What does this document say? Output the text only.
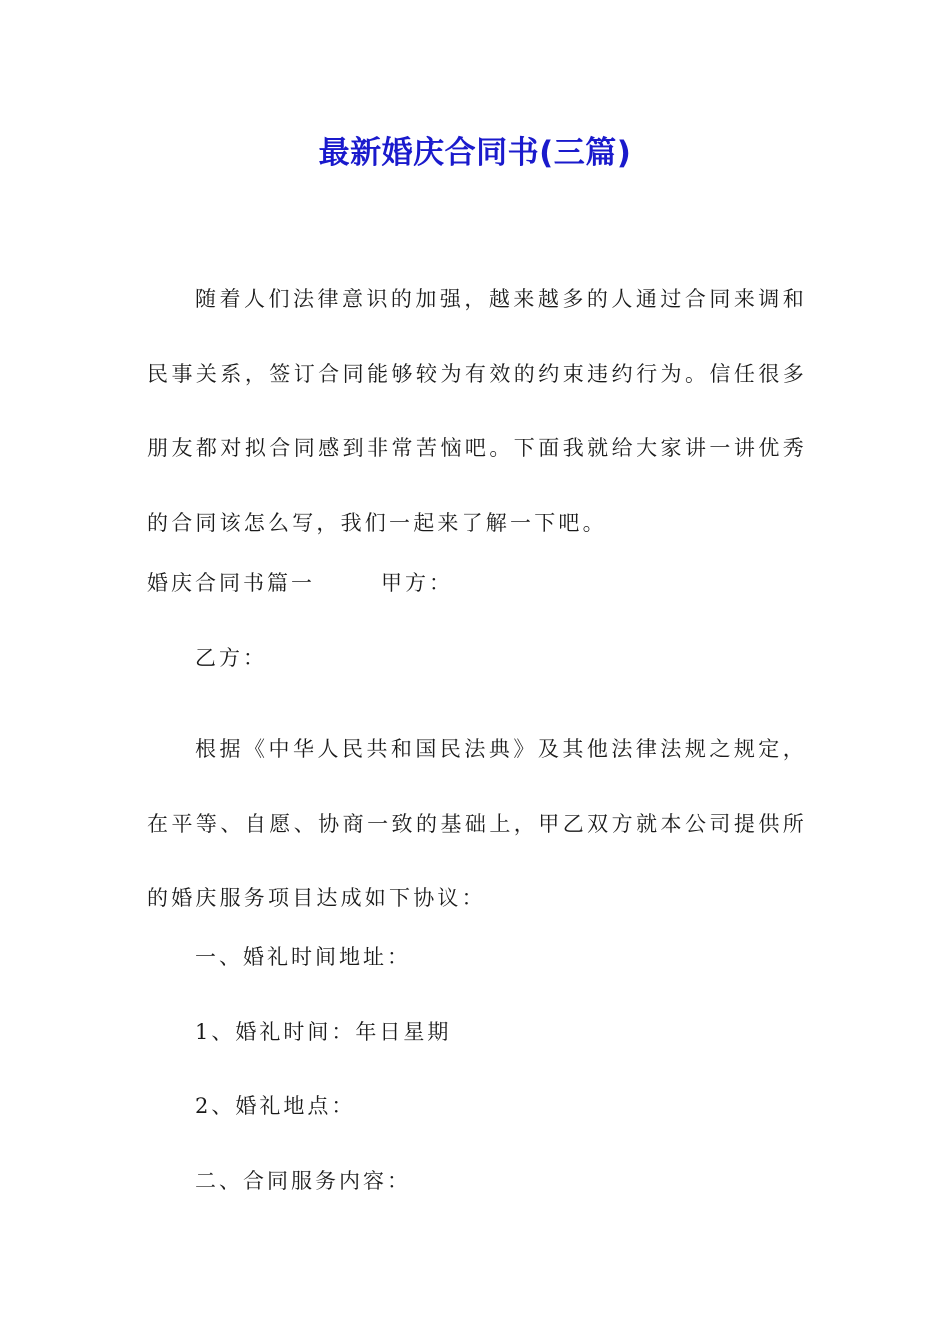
最新婚庆合同书(三篇)
随着人们法律意识的加强，越来越多的人通过合同来调和民事关系，签订合同能够较为有效的约束违约行为。信任很多朋友都对拟合同感到非常苦恼吧。下面我就给大家讲一讲优秀的合同该怎么写，我们一起来了解一下吧。
婚庆合同书篇一	甲方：
乙方：
根据《中华人民共和国民法典》及其他法律法规之规定，在平等、自愿、协商一致的基础上，甲乙双方就本公司提供所的婚庆服务项目达成如下协议：
一、婚礼时间地址：
1、婚礼时间：年日星期
2、婚礼地点：
二、合同服务内容：
